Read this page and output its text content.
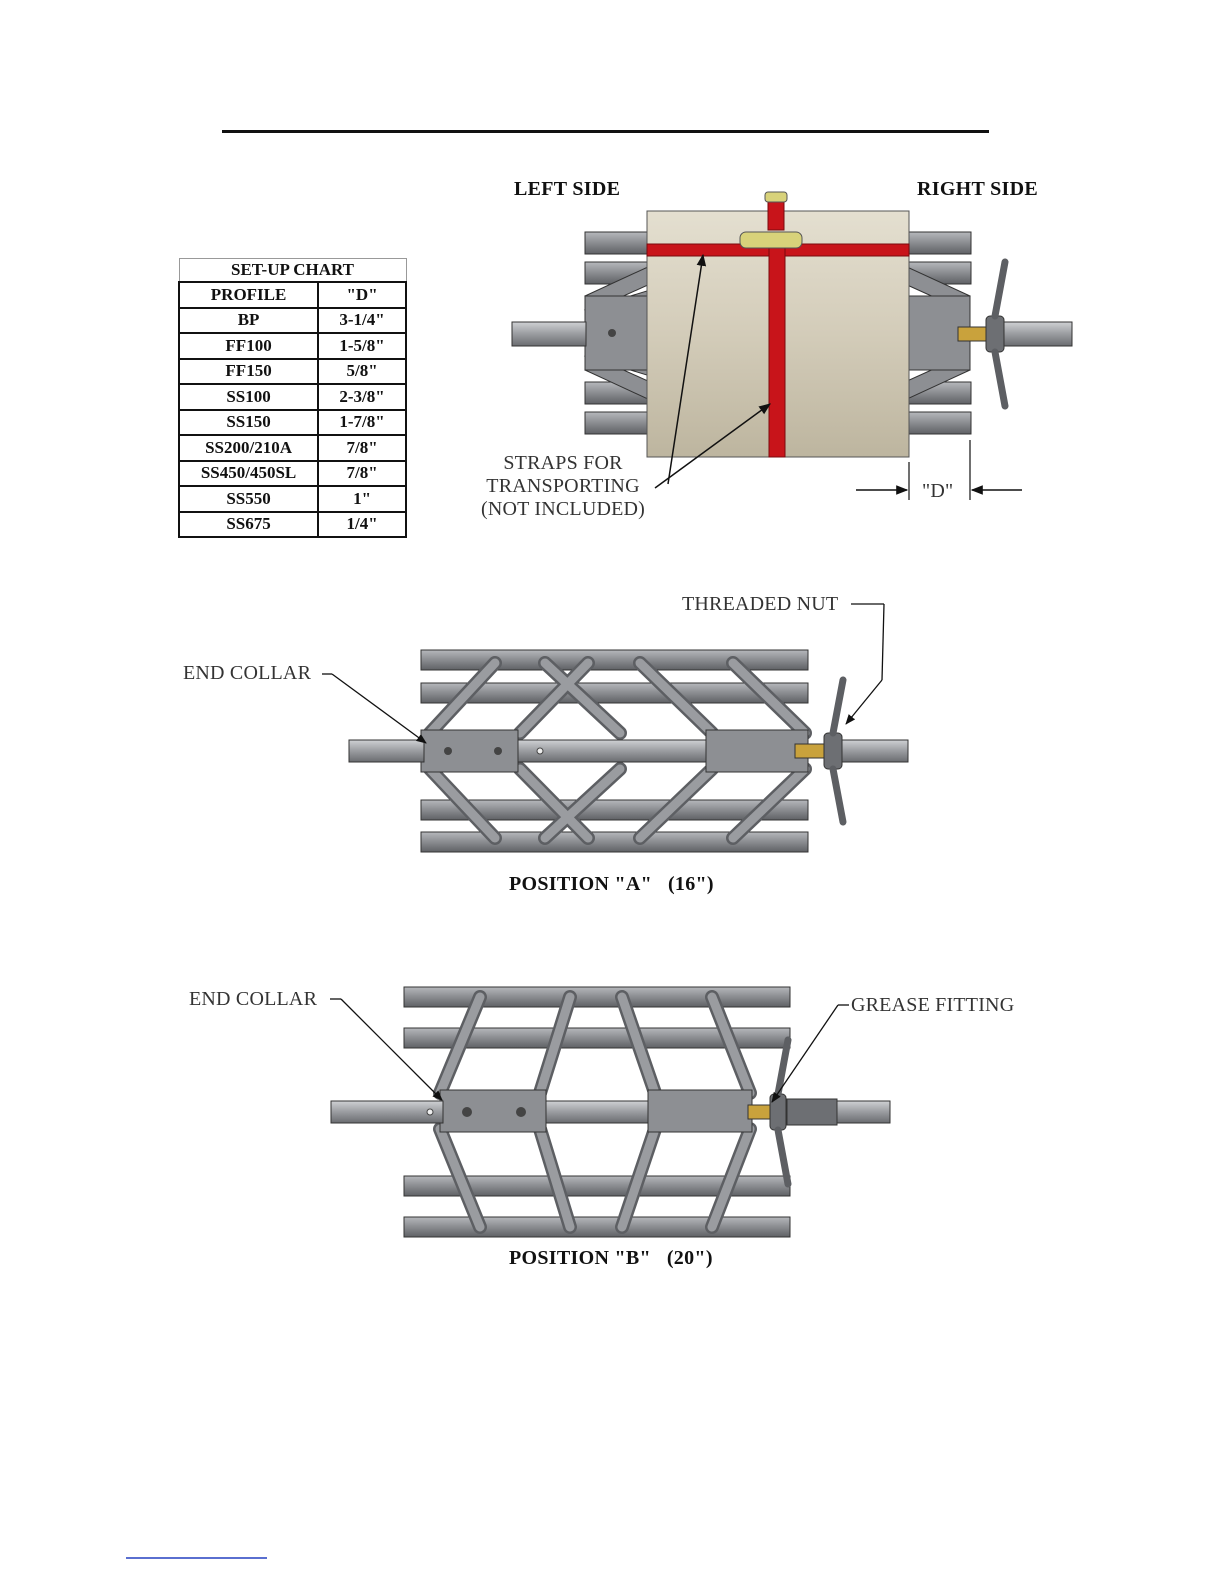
SET-UP CHART	
PROFILE	"D"
BP	3-1/4"
FF100	1-5/8"
FF150	5/8"
SS100	2-3/8"
SS150	1-7/8"
SS200/210A	7/8"
SS450/450SL	7/8"
SS550	1"
SS675	1/4"
LEFT SIDE	RIGHT SIDE
STRAPS FOR
TRANSPORTING
(NOT INCLUDED)
"D"
END COLLAR
THREADED NUT
POSITION "A"   (16")
END COLLAR	GREASE FITTING
POSITION "B"   (20")
